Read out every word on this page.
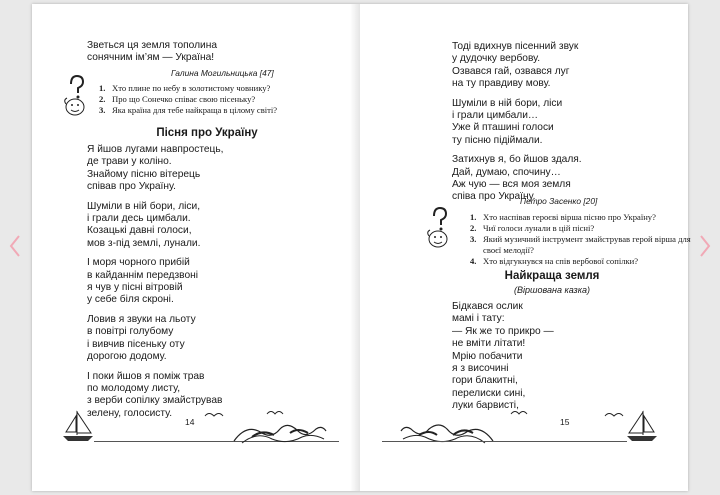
Зветься ця земля тополина
сонячним ім’ям — Україна!
Галина Могильницька [47]
1. Хто плине по небу в золотистому човнику?
2. Про що Сонечко співає свою пісеньку?
3. Яка країна для тебе найкраща в цілому світі?
Пісня про Україну
Я йшов лугами навпростець,
де трави у коліно.
Знайому пісню вітерець
співав про Україну.
Шуміли в ній бори, ліси,
і грали десь цимбали.
Козацькі давні голоси,
мов з-під землі, лунали.
І моря чорного прибій
в кайданнім передзвоні
я чув у пісні вітровій
у себе біля скроні.
Ловив я звуки на льоту
в повітрі голубому
і вивчив пісеньку оту
дорогою додому.
І поки йшов я поміж трав
по молодому листу,
з верби сопілку змайстрував
зелену, голосисту.
14
Тоді вдихнув пісенний звук
у дудочку вербову.
Озвався гай, озвався луг
на ту правдиву мову.
Шуміли в ній бори, ліси
і грали цимбали…
Уже й пташині голоси
ту пісню підіймали.
Затихнув я, бо йшов здаля.
Дай, думаю, спочину…
Аж чую — вся моя земля
співа про Україну.
Петро Засенко [20]
1. Хто наспівав героєві вірша пісню про Україну?
2. Чиї голоси лунали в цій пісні?
3. Який музичний інструмент змайстрував герой вірша для
своєї мелодії?
4. Хто відгукнувся на спів вербової сопілки?
Найкраща земля
(Віршована казка)
Бідкався ослик
мамі і тату:
— Як же то прикро —
не вміти літати!
Мрію побачити
я з височині
гори блакитні,
перелиски сині,
луки барвисті,
15
